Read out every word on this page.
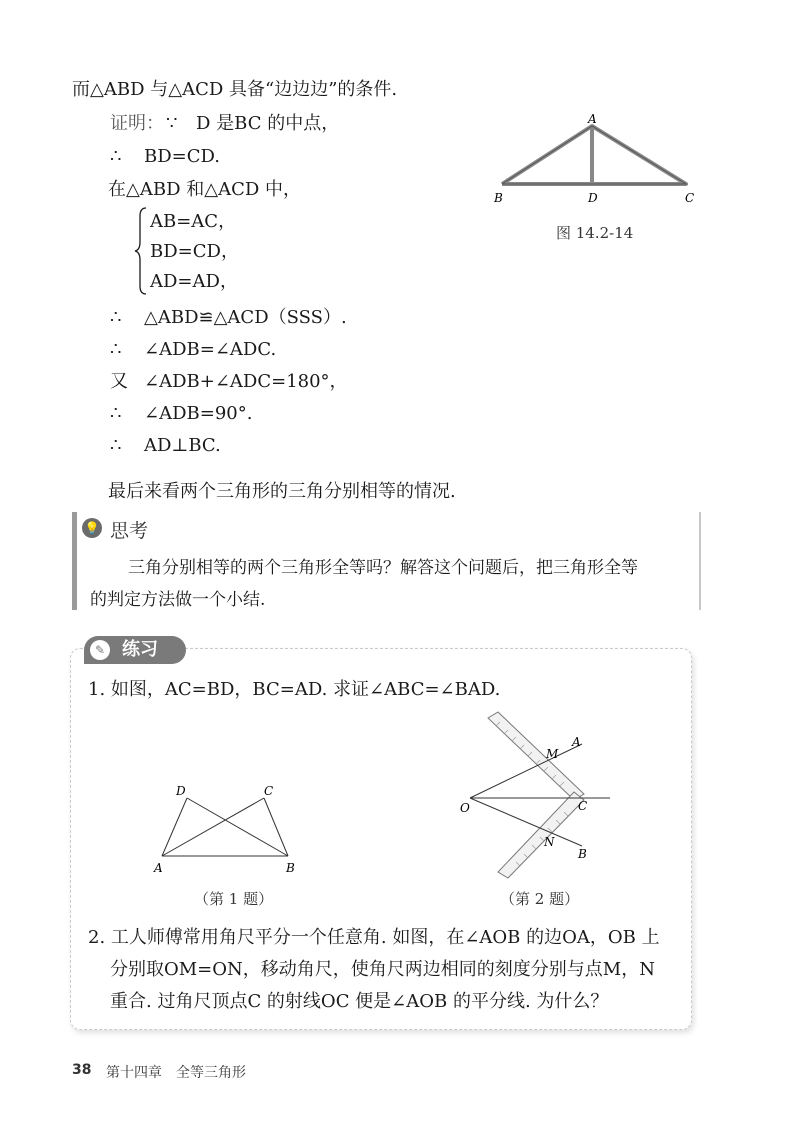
而△ABD 与△ACD 具备“边边边”的条件.
证明： ∵ D 是BC 的中点，
∴ BD=CD.
在△ABD 和△ACD 中，
AB=AC，
BD=CD，
AD=AD，
∴ △ABD≌△ACD（SSS）.
∴ ∠ADB=∠ADC.
又 ∠ADB+∠ADC=180°，
∴ ∠ADB=90°.
∴ AD⊥BC.
A
B	D	C
图 14.2-14
最后来看两个三角形的三角分别相等的情况.
💡 思考
三角分别相等的两个三角形全等吗？解答这个问题后，把三角形全等
的判定方法做一个小结.
✎ 练习
1. 如图，AC=BD，BC=AD. 求证∠ABC=∠BAD.
D	C
A	B
（第 1 题）
A
M
O	C
N
B
（第 2 题）
2. 工人师傅常用角尺平分一个任意角. 如图，在∠AOB 的边OA，OB 上
分别取OM=ON，移动角尺，使角尺两边相同的刻度分别与点M，N
重合. 过角尺顶点C 的射线OC 便是∠AOB 的平分线. 为什么？
38 第十四章　全等三角形
